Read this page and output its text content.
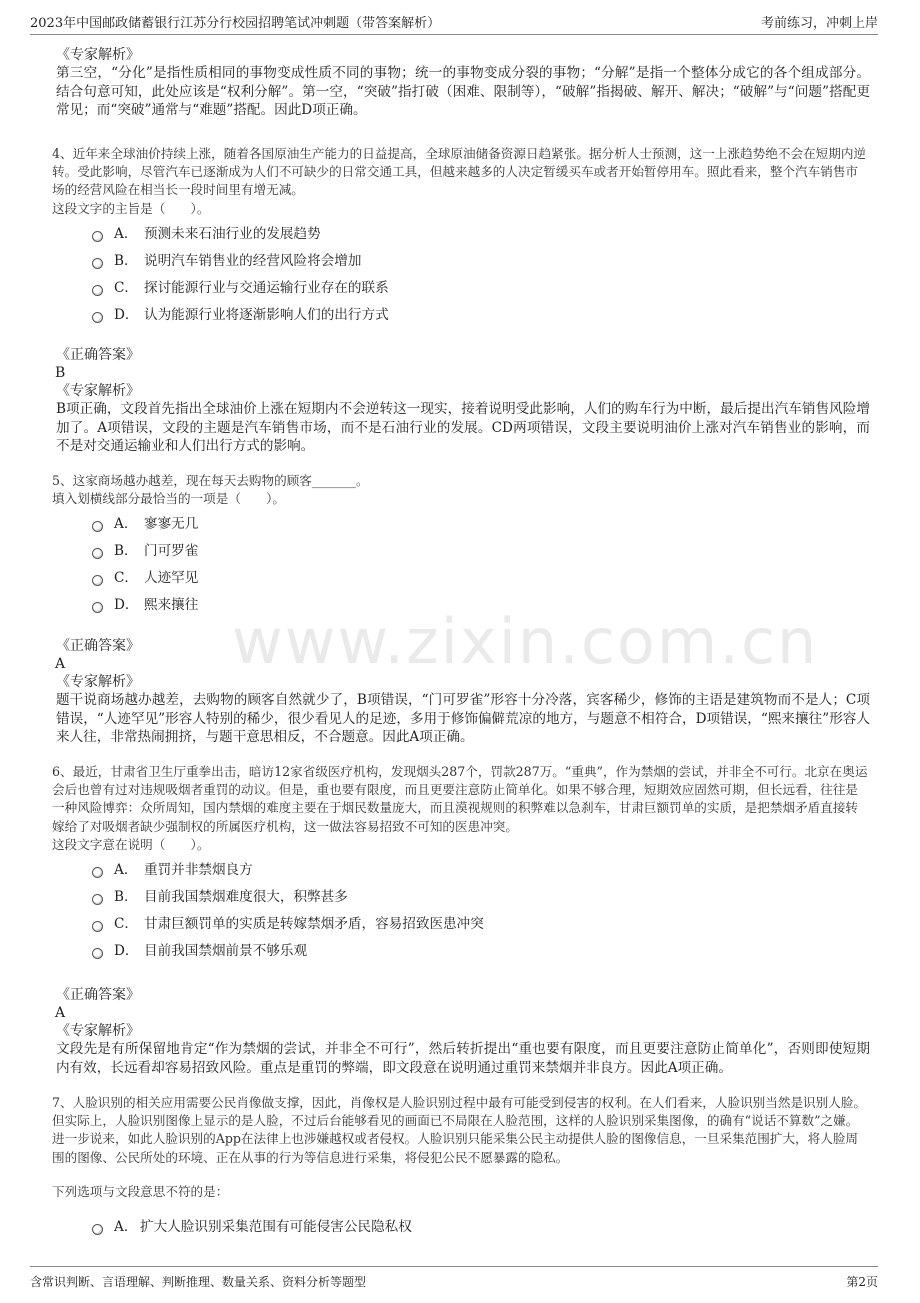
2023年中国邮政储蓄银行江苏分行校园招聘笔试冲刺题（带答案解析）	考前练习，冲刺上岸
www.zixin.com.cn
《专家解析》
第三空，“分化”是指性质相同的事物变成性质不同的事物；统一的事物变成分裂的事物；“分解”是指一个整体分成它的各个组成部分。结合句意可知，此处应该是“权利分解”。第一空，“突破”指打破（困难、限制等），“破解”指揭破、解开、解决；“破解”与“问题”搭配更常见；而“突破”通常与“难题”搭配。因此D项正确。
4、近年来全球油价持续上涨，随着各国原油生产能力的日益提高，全球原油储备资源日趋紧张。据分析人士预测，这一上涨趋势绝不会在短期内逆转。受此影响，尽管汽车已逐渐成为人们不可缺少的日常交通工具，但越来越多的人决定暂缓买车或者开始暂停用车。照此看来，整个汽车销售市场的经营风险在相当长一段时间里有增无减。
这段文字的主旨是（　　）。
A． 预测未来石油行业的发展趋势
B． 说明汽车销售业的经营风险将会增加
C． 探讨能源行业与交通运输行业存在的联系
D． 认为能源行业将逐渐影响人们的出行方式
《正确答案》
B
《专家解析》
B项正确，文段首先指出全球油价上涨在短期内不会逆转这一现实，接着说明受此影响，人们的购车行为中断，最后提出汽车销售风险增加了。A项错误，文段的主题是汽车销售市场，而不是石油行业的发展。CD两项错误，文段主要说明油价上涨对汽车销售业的影响，而不是对交通运输业和人们出行方式的影响。
5、这家商场越办越差，现在每天去购物的顾客_______。
填入划横线部分最恰当的一项是（　　）。
A． 寥寥无几
B． 门可罗雀
C． 人迹罕见
D． 熙来攘往
《正确答案》
A
《专家解析》
题干说商场越办越差，去购物的顾客自然就少了，B项错误，“门可罗雀”形容十分冷落，宾客稀少，修饰的主语是建筑物而不是人；C项错误，“人迹罕见”形容人特别的稀少，很少看见人的足迹，多用于修饰偏僻荒凉的地方，与题意不相符合，D项错误，“熙来攘往”形容人来人往，非常热闹拥挤，与题干意思相反，不合题意。因此A项正确。
6、最近，甘肃省卫生厅重拳出击，暗访12家省级医疗机构，发现烟头287个，罚款287万。“重典”，作为禁烟的尝试，并非全不可行。北京在奥运会后也曾有过对违规吸烟者重罚的动议。但是，重也要有限度，而且更要注意防止简单化。如果不够合理，短期效应固然可期，但长远看，往往是一种风险博弈：众所周知，国内禁烟的难度主要在于烟民数量庞大，而且漠视规则的积弊难以急刹车，甘肃巨额罚单的实质，是把禁烟矛盾直接转嫁给了对吸烟者缺少强制权的所属医疗机构，这一做法容易招致不可知的医患冲突。
这段文字意在说明（　　）。
A． 重罚并非禁烟良方
B． 目前我国禁烟难度很大，积弊甚多
C． 甘肃巨额罚单的实质是转嫁禁烟矛盾，容易招致医患冲突
D． 目前我国禁烟前景不够乐观
《正确答案》
A
《专家解析》
文段先是有所保留地肯定“作为禁烟的尝试，并非全不可行”，然后转折提出“重也要有限度，而且更要注意防止简单化”，否则即使短期内有效，长远看却容易招致风险。重点是重罚的弊端，即文段意在说明通过重罚来禁烟并非良方。因此A项正确。
7、人脸识别的相关应用需要公民肖像做支撑，因此，肖像权是人脸识别过程中最有可能受到侵害的权利。在人们看来，人脸识别当然是识别人脸。但实际上，人脸识别图像上显示的是人脸，不过后台能够看见的画面已不局限在人脸范围，这样的人脸识别采集图像，的确有“说话不算数”之嫌。进一步说来，如此人脸识别的App在法律上也涉嫌越权或者侵权。人脸识别只能采集公民主动提供人脸的图像信息，一旦采集范围扩大，将人脸周围的图像、公民所处的环境、正在从事的行为等信息进行采集，将侵犯公民不愿暴露的隐私。
下列选项与文段意思不符的是：
A． 扩大人脸识别采集范围有可能侵害公民隐私权
含常识判断、言语理解、判断推理、数量关系、资料分析等题型	第2页
